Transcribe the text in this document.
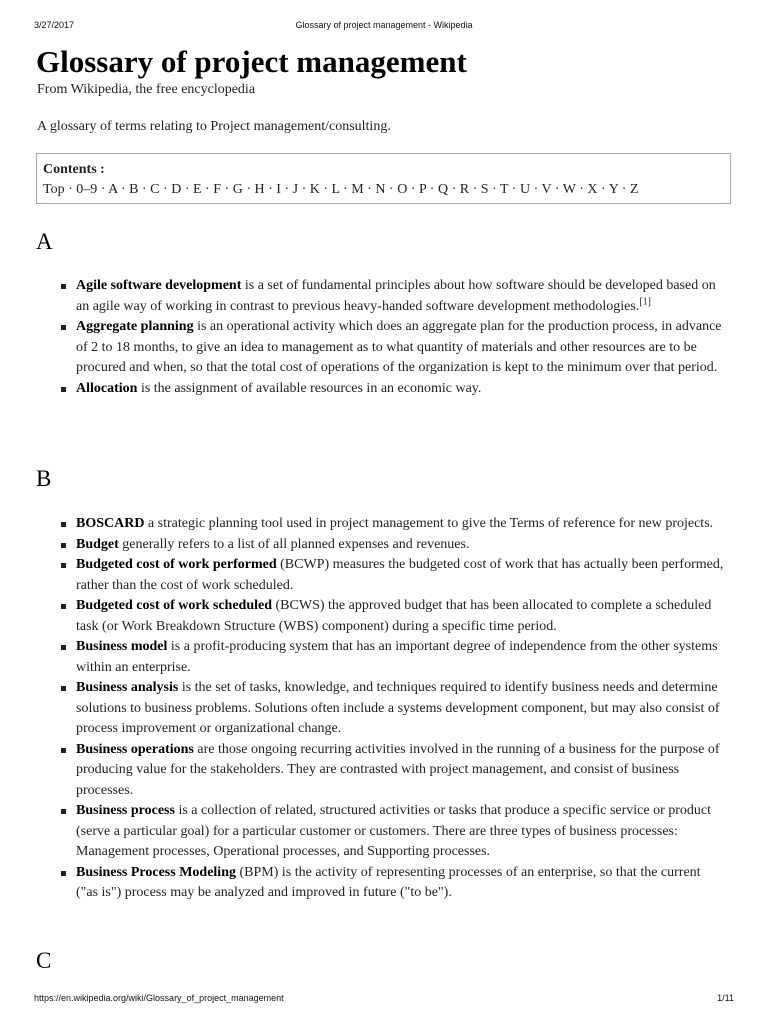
3/27/2017	Glossary of project management - Wikipedia
Glossary of project management
From Wikipedia, the free encyclopedia
A glossary of terms relating to Project management/consulting.
Contents :
Top · 0–9 · A · B · C · D · E · F · G · H · I · J · K · L · M · N · O · P · Q · R · S · T · U · V · W · X · Y · Z
A
Agile software development is a set of fundamental principles about how software should be developed based on an agile way of working in contrast to previous heavy-handed software development methodologies.[1]
Aggregate planning is an operational activity which does an aggregate plan for the production process, in advance of 2 to 18 months, to give an idea to management as to what quantity of materials and other resources are to be procured and when, so that the total cost of operations of the organization is kept to the minimum over that period.
Allocation is the assignment of available resources in an economic way.
B
BOSCARD a strategic planning tool used in project management to give the Terms of reference for new projects.
Budget generally refers to a list of all planned expenses and revenues.
Budgeted cost of work performed (BCWP) measures the budgeted cost of work that has actually been performed, rather than the cost of work scheduled.
Budgeted cost of work scheduled (BCWS) the approved budget that has been allocated to complete a scheduled task (or Work Breakdown Structure (WBS) component) during a specific time period.
Business model is a profit-producing system that has an important degree of independence from the other systems within an enterprise.
Business analysis is the set of tasks, knowledge, and techniques required to identify business needs and determine solutions to business problems. Solutions often include a systems development component, but may also consist of process improvement or organizational change.
Business operations are those ongoing recurring activities involved in the running of a business for the purpose of producing value for the stakeholders. They are contrasted with project management, and consist of business processes.
Business process is a collection of related, structured activities or tasks that produce a specific service or product (serve a particular goal) for a particular customer or customers. There are three types of business processes: Management processes, Operational processes, and Supporting processes.
Business Process Modeling (BPM) is the activity of representing processes of an enterprise, so that the current ("as is") process may be analyzed and improved in future ("to be").
C
https://en.wikipedia.org/wiki/Glossary_of_project_management	1/11
